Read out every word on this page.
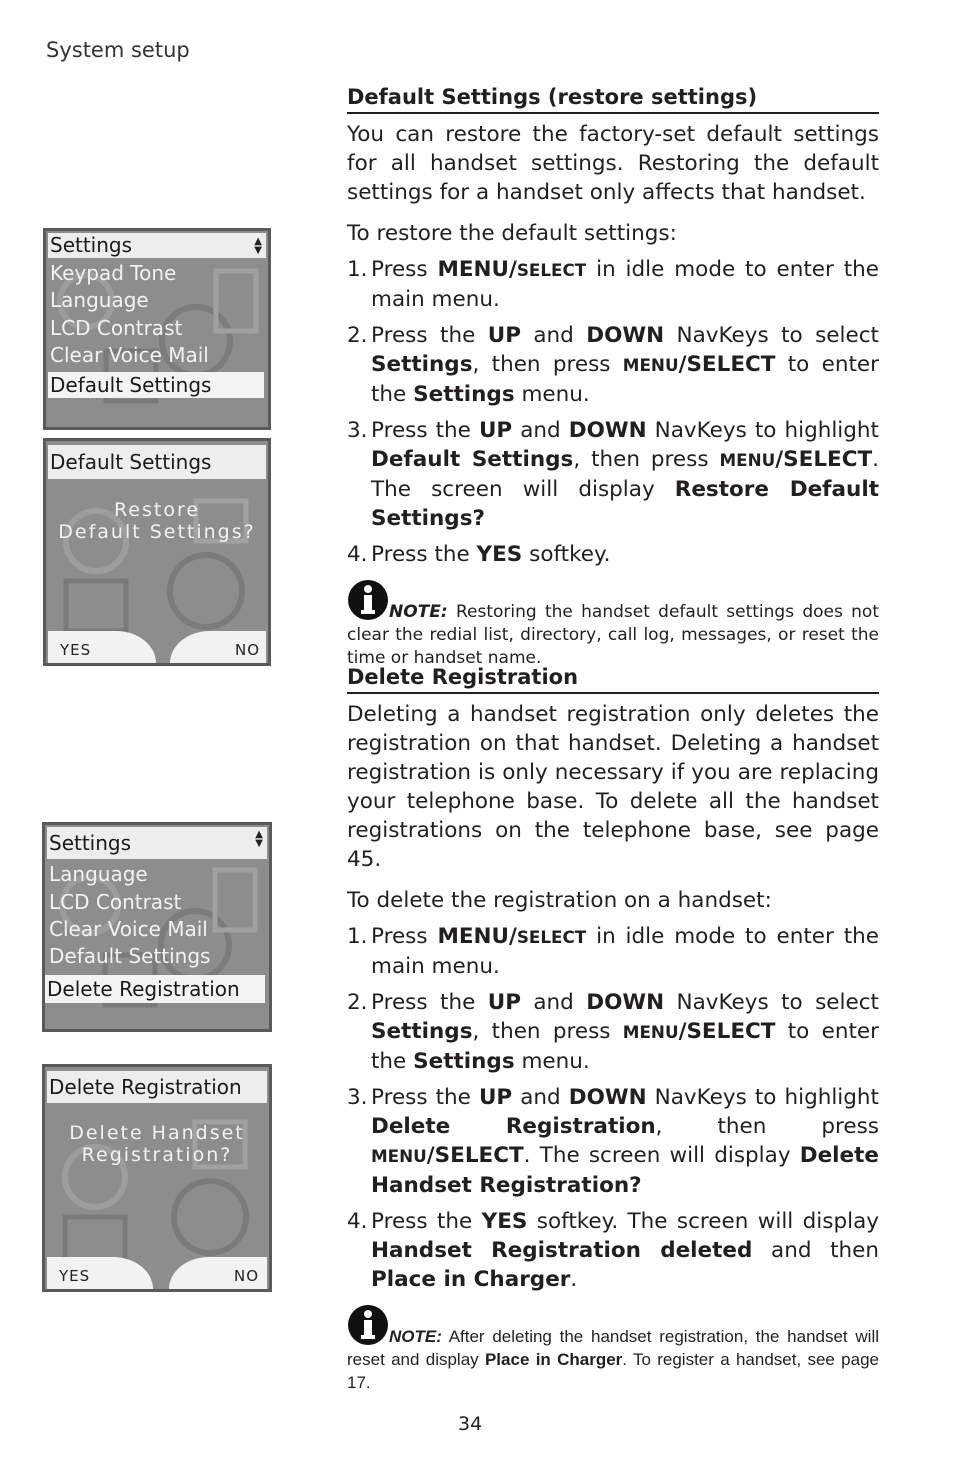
System setup
Settings	▲
▼
Keypad Tone
Language
LCD Contrast
Clear Voice Mail
Default Settings
Default Settings
Restore
Default Settings?
YES	NO
Settings	▲
▼
Language
LCD Contrast
Clear Voice Mail
Default Settings
Delete Registration
Delete Registration
Delete Handset
Registration?
YES	NO
Default Settings (restore settings)

You can restore the factory-set default settings for all handset settings. Restoring the default settings for a handset only affects that handset.

To restore the default settings:

1. Press MENU/SELECT in idle mode to enter the main menu.
2. Press the UP and DOWN NavKeys to select Settings, then press MENU/SELECT to enter the Settings menu.
3. Press the UP and DOWN NavKeys to highlight Default Settings, then press MENU/SELECT. The screen will display Restore Default Settings?
4. Press the YES softkey.
NOTE: Restoring the handset default settings does not clear the redial list, directory, call log, messages, or reset the time or handset name.
Delete Registration

Deleting a handset registration only deletes the registration on that handset. Deleting a handset registration is only necessary if you are replacing your telephone base. To delete all the handset registrations on the telephone base, see page 45.

To delete the registration on a handset:

1. Press MENU/SELECT in idle mode to enter the main menu.
2. Press the UP and DOWN NavKeys to select Settings, then press MENU/SELECT to enter the Settings menu.
3. Press the UP and DOWN NavKeys to highlight Delete Registration, then press MENU/SELECT. The screen will display Delete Handset Registration?
4. Press the YES softkey. The screen will display Handset Registration deleted and then Place in Charger.
NOTE: After deleting the handset registration, the handset will reset and display Place in Charger. To register a handset, see page 17.
34
